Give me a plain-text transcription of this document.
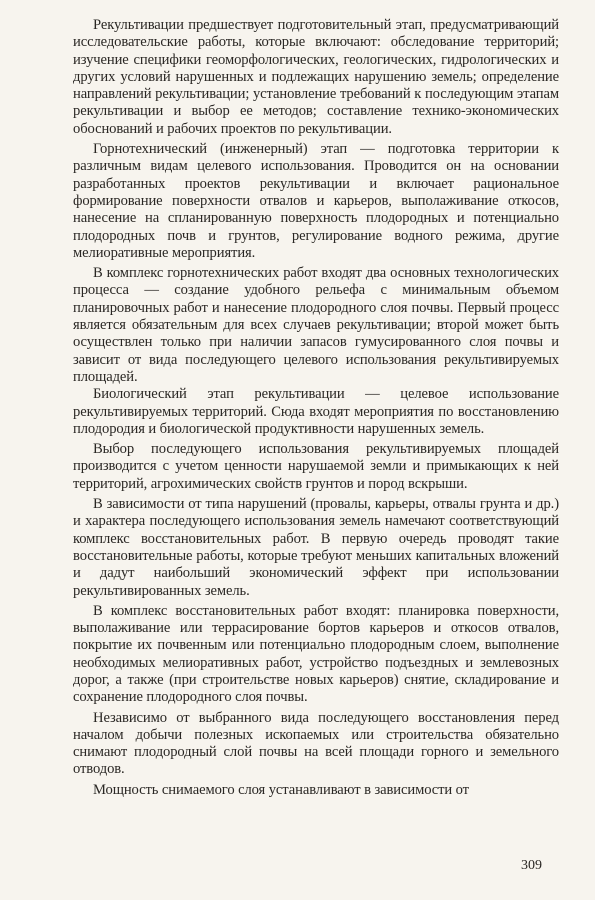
Рекультивации предшествует подготовительный этап, предусматривающий исследовательские работы, которые включают: обследование территорий; изучение специфики геоморфологических, геологических, гидрологических и других условий нарушенных и подлежащих нарушению земель; определение направлений рекультивации; установление требований к последующим этапам рекультивации и выбор ее методов; составление технико-экономических обоснований и рабочих проектов по рекультивации.

Горнотехнический (инженерный) этап — подготовка территории к различным видам целевого использования. Проводится он на основании разработанных проектов рекультивации и включает рациональное формирование поверхности отвалов и карьеров, выполаживание откосов, нанесение на спланированную поверхность плодородных и потенциально плодородных почв и грунтов, регулирование водного режима, другие мелиоративные мероприятия.

В комплекс горнотехнических работ входят два основных технологических процесса — создание удобного рельефа с минимальным объемом планировочных работ и нанесение плодородного слоя почвы. Первый процесс является обязательным для всех случаев рекультивации; второй может быть осуществлен только при наличии запасов гумусированного слоя почвы и зависит от вида последующего целевого использования рекультивируемых площадей.

Биологический этап рекультивации — целевое использование рекультивируемых территорий. Сюда входят мероприятия по восстановлению плодородия и биологической продуктивности нарушенных земель.

Выбор последующего использования рекультивируемых площадей производится с учетом ценности нарушаемой земли и примыкающих к ней территорий, агрохимических свойств грунтов и пород вскрыши.

В зависимости от типа нарушений (провалы, карьеры, отвалы грунта и др.) и характера последующего использования земель намечают соответствующий комплекс восстановительных работ. В первую очередь проводят такие восстановительные работы, которые требуют меньших капитальных вложений и дадут наибольший экономический эффект при использовании рекультивированных земель.

В комплекс восстановительных работ входят: планировка поверхности, выполаживание или террасирование бортов карьеров и откосов отвалов, покрытие их почвенным или потенциально плодородным слоем, выполнение необходимых мелиоративных работ, устройство подъездных и землевозных дорог, а также (при строительстве новых карьеров) снятие, складирование и сохранение плодородного слоя почвы.

Независимо от выбранного вида последующего восстановления перед началом добычи полезных ископаемых или строительства обязательно снимают плодородный слой почвы на всей площади горного и земельного отводов.

Мощность снимаемого слоя устанавливают в зависимости от

309
